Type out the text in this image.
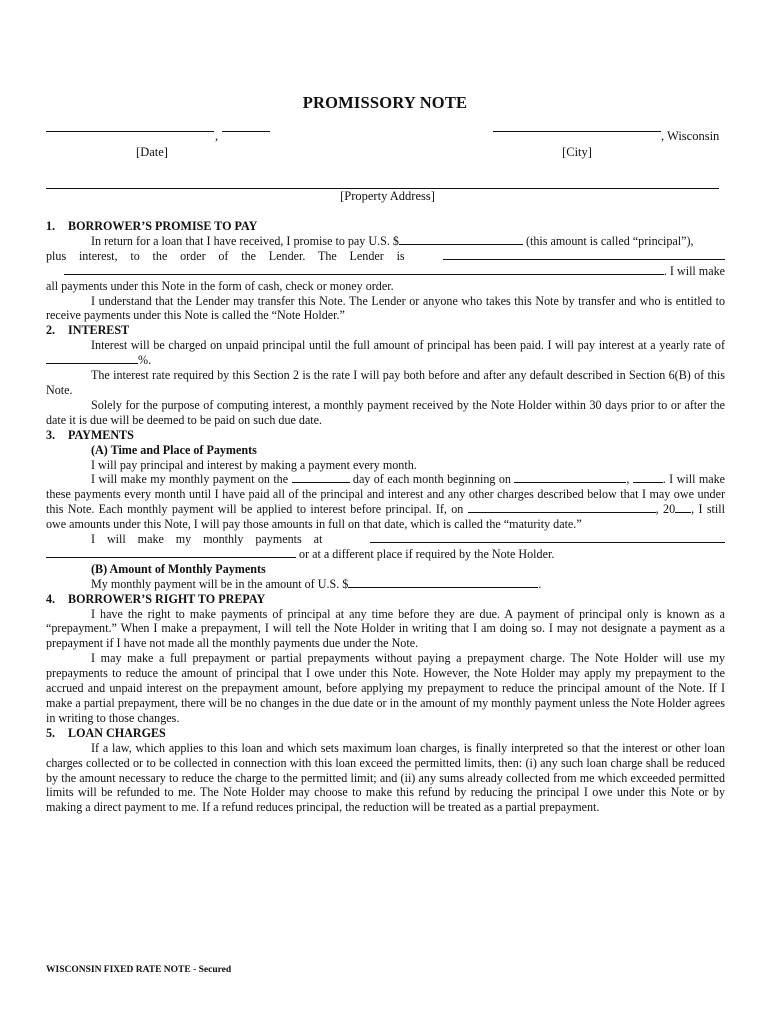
PROMISSORY NOTE
,
[Date]
, Wisconsin
[City]
[Property Address]

1. BORROWER’S PROMISE TO PAY

In return for a loan that I have received, I promise to pay U.S. $	(this amount is called “principal”),

plus interest, to the order of the Lender. The Lender is

. I will make

all payments under this Note in the form of cash, check or money order.

I understand that the Lender may transfer this Note. The Lender or anyone who takes this Note by transfer and who is entitled to receive payments under this Note is called the “Note Holder.”

2. INTEREST

Interest will be charged on unpaid principal until the full amount of principal has been paid. I will pay interest at a yearly rate of %.

The interest rate required by this Section 2 is the rate I will pay both before and after any default described in Section 6(B) of this Note.

Solely for the purpose of computing interest, a monthly payment received by the Note Holder within 30 days prior to or after the date it is due will be deemed to be paid on such due date.

3. PAYMENTS

(A) Time and Place of Payments

I will pay principal and interest by making a payment every month.

I will make my monthly payment on the	day of each month beginning on	, . I will make these payments every month until I have paid all of the principal and interest and any other charges described below that I may owe under this Note. Each monthly payment will be applied to interest before principal. If, on	, 20 , I still owe amounts under this Note, I will pay those amounts in full on that date, which is called the “maturity date.”

I will make my monthly payments at

or at a different place if required by the Note Holder.

(B) Amount of Monthly Payments

My monthly payment will be in the amount of U.S. $	.

4. BORROWER’S RIGHT TO PREPAY

I have the right to make payments of principal at any time before they are due. A payment of principal only is known as a “prepayment.” When I make a prepayment, I will tell the Note Holder in writing that I am doing so. I may not designate a payment as a prepayment if I have not made all the monthly payments due under the Note.

I may make a full prepayment or partial prepayments without paying a prepayment charge. The Note Holder will use my prepayments to reduce the amount of principal that I owe under this Note. However, the Note Holder may apply my prepayment to the accrued and unpaid interest on the prepayment amount, before applying my prepayment to reduce the principal amount of the Note. If I make a partial prepayment, there will be no changes in the due date or in the amount of my monthly payment unless the Note Holder agrees in writing to those changes.

5. LOAN CHARGES

If a law, which applies to this loan and which sets maximum loan charges, is finally interpreted so that the interest or other loan charges collected or to be collected in connection with this loan exceed the permitted limits, then: (i) any such loan charge shall be reduced by the amount necessary to reduce the charge to the permitted limit; and (ii) any sums already collected from me which exceeded permitted limits will be refunded to me. The Note Holder may choose to make this refund by reducing the principal I owe under this Note or by making a direct payment to me. If a refund reduces principal, the reduction will be treated as a partial prepayment.

WISCONSIN FIXED RATE NOTE - Secured
